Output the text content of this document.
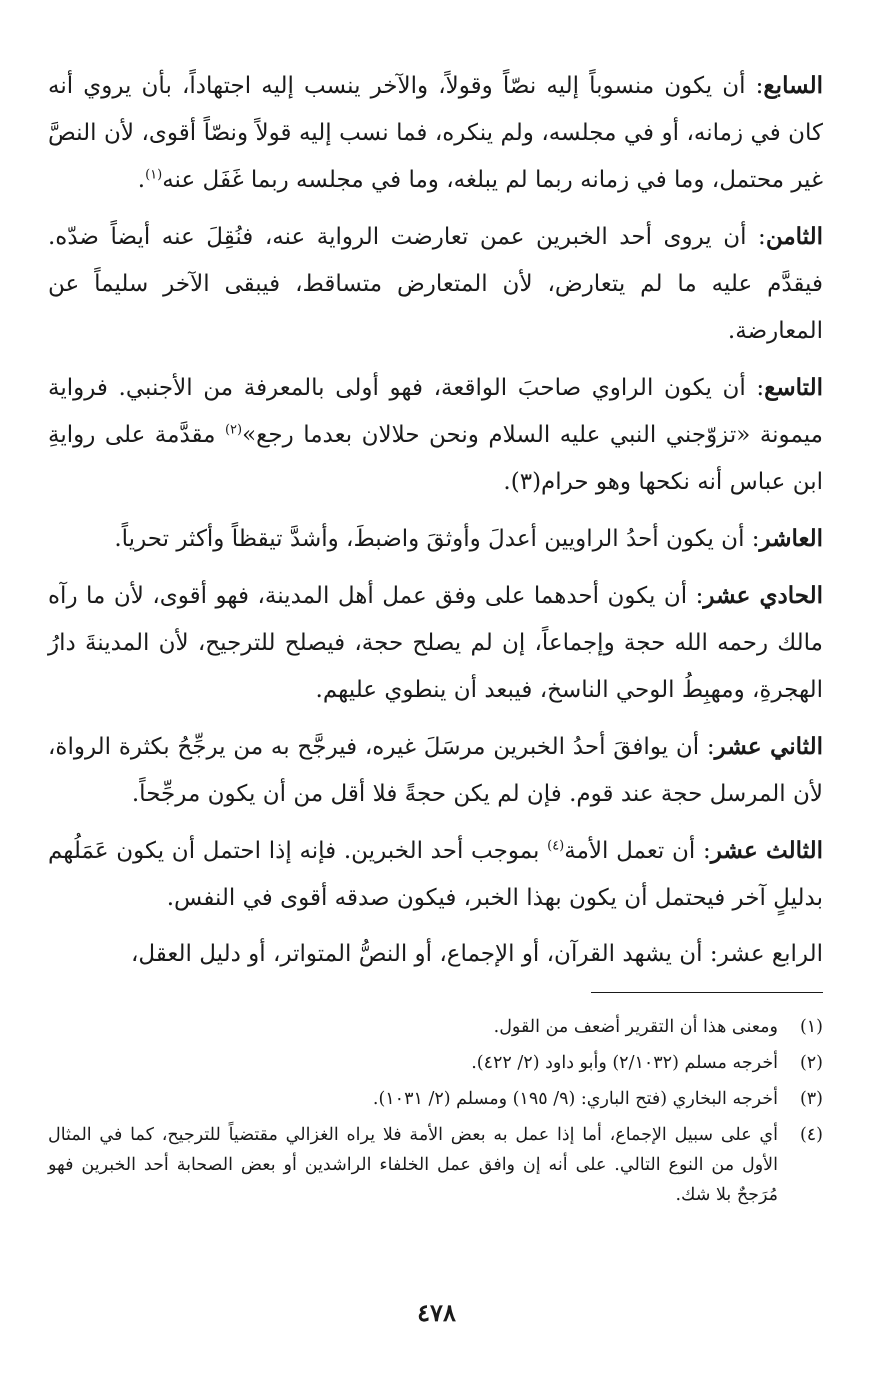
السابع: أن يكون منسوباً إليه نصّاً وقولاً، والآخر ينسب إليه اجتهاداً، بأن يروي أنه كان في زمانه، أو في مجلسه، ولم ينكره، فما نسب إليه قولاً ونصّاً أقوى، لأن النصَّ غير محتمل، وما في زمانه ربما لم يبلغه، وما في مجلسه ربما غَفَل عنه$^{(١)}$.

الثامن: أن يروى أحد الخبرين عمن تعارضت الرواية عنه، فنُقِلَ عنه أيضاً ضدّه. فيقدَّم عليه ما لم يتعارض، لأن المتعارض متساقط، فيبقى الآخر سليماً عن المعارضة.

التاسع: أن يكون الراوي صاحبَ الواقعة، فهو أولى بالمعرفة من الأجنبي. فرواية ميمونة «تزوّجني النبي عليه السلام ونحن حلالان بعدما رجع»$^{(٢)}$ مقدَّمة على روايةِ ابن عباس أنه نكحها وهو حرام(٣).

العاشر: أن يكون أحدُ الراويين أعدلَ وأوثقَ واضبطَ، وأشدَّ تيقظاً وأكثر تحرياً.

الحادي عشر: أن يكون أحدهما على وفق عمل أهل المدينة، فهو أقوى، لأن ما رآه مالك رحمه الله حجة وإجماعاً، إن لم يصلح حجة، فيصلح للترجيح، لأن المدينةَ دارُ الهجرةِ، ومهبِطُ الوحي الناسخ، فيبعد أن ينطوي عليهم.

الثاني عشر: أن يوافقَ أحدُ الخبرين مرسَلَ غيره، فيرجَّح به من يرجِّحُ بكثرة الرواة، لأن المرسل حجة عند قوم. فإن لم يكن حجةً فلا أقل من أن يكون مرجِّحاً.

الثالث عشر: أن تعمل الأمة$^{(٤)}$ بموجب أحد الخبرين. فإنه إذا احتمل أن يكون عَمَلُهم بدليلٍ آخر فيحتمل أن يكون بهذا الخبر، فيكون صدقه أقوى في النفس.

الرابع عشر: أن يشهد القرآن، أو الإجماع، أو النصُّ المتواتر، أو دليل العقل،

(١)
ومعنى هذا أن التقرير أضعف من القول.
(٢)
أخرجه مسلم (٢/١٠٣٢) وأبو داود (٢/ ٤٢٢).
(٣)
أخرجه البخاري (فتح الباري: (٩/ ١٩٥) ومسلم (٢/ ١٠٣١).
(٤)
أي على سبيل الإجماع، أما إذا عمل به بعض الأمة فلا يراه الغزالي مقتضياً للترجيح، كما في المثال الأول من النوع التالي. على أنه إن وافق عمل الخلفاء الراشدين أو بعض الصحابة أحد الخبرين فهو مُرَجحٌ بلا شك.
٤٧٨
